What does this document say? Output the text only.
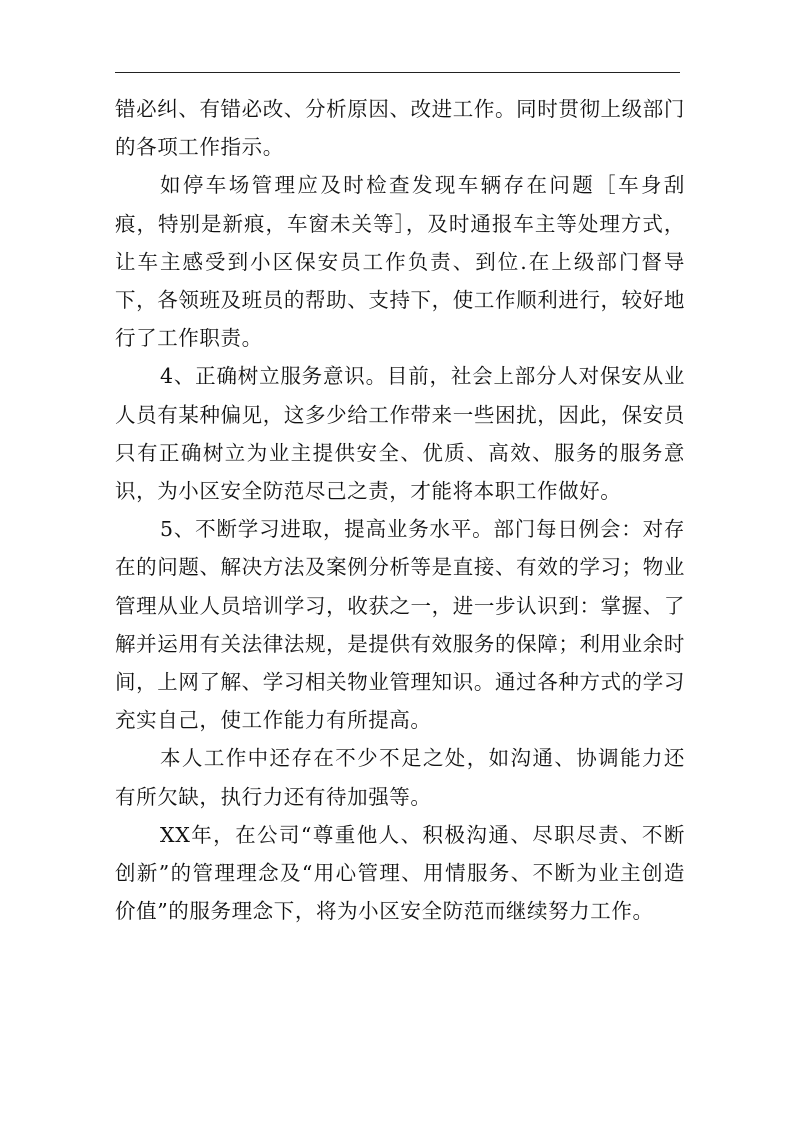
错必纠、有错必改、分析原因、改进工作。同时贯彻上级部门的各项工作指示。

如停车场管理应及时检查发现车辆存在问题［车身刮痕，特别是新痕，车窗未关等］，及时通报车主等处理方式，让车主感受到小区保安员工作负责、到位.在上级部门督导下，各领班及班员的帮助、支持下，使工作顺利进行，较好地行了工作职责。

4、正确树立服务意识。目前，社会上部分人对保安从业人员有某种偏见，这多少给工作带来一些困扰，因此，保安员只有正确树立为业主提供安全、优质、高效、服务的服务意识，为小区安全防范尽己之责，才能将本职工作做好。

5、不断学习进取，提高业务水平。部门每日例会：对存在的问题、解决方法及案例分析等是直接、有效的学习；物业管理从业人员培训学习，收获之一，进一步认识到：掌握、了解并运用有关法律法规，是提供有效服务的保障；利用业余时间，上网了解、学习相关物业管理知识。通过各种方式的学习充实自己，使工作能力有所提高。

本人工作中还存在不少不足之处，如沟通、协调能力还有所欠缺，执行力还有待加强等。

XX年，在公司“尊重他人、积极沟通、尽职尽责、不断创新”的管理理念及“用心管理、用情服务、不断为业主创造价值”的服务理念下，将为小区安全防范而继续努力工作。
